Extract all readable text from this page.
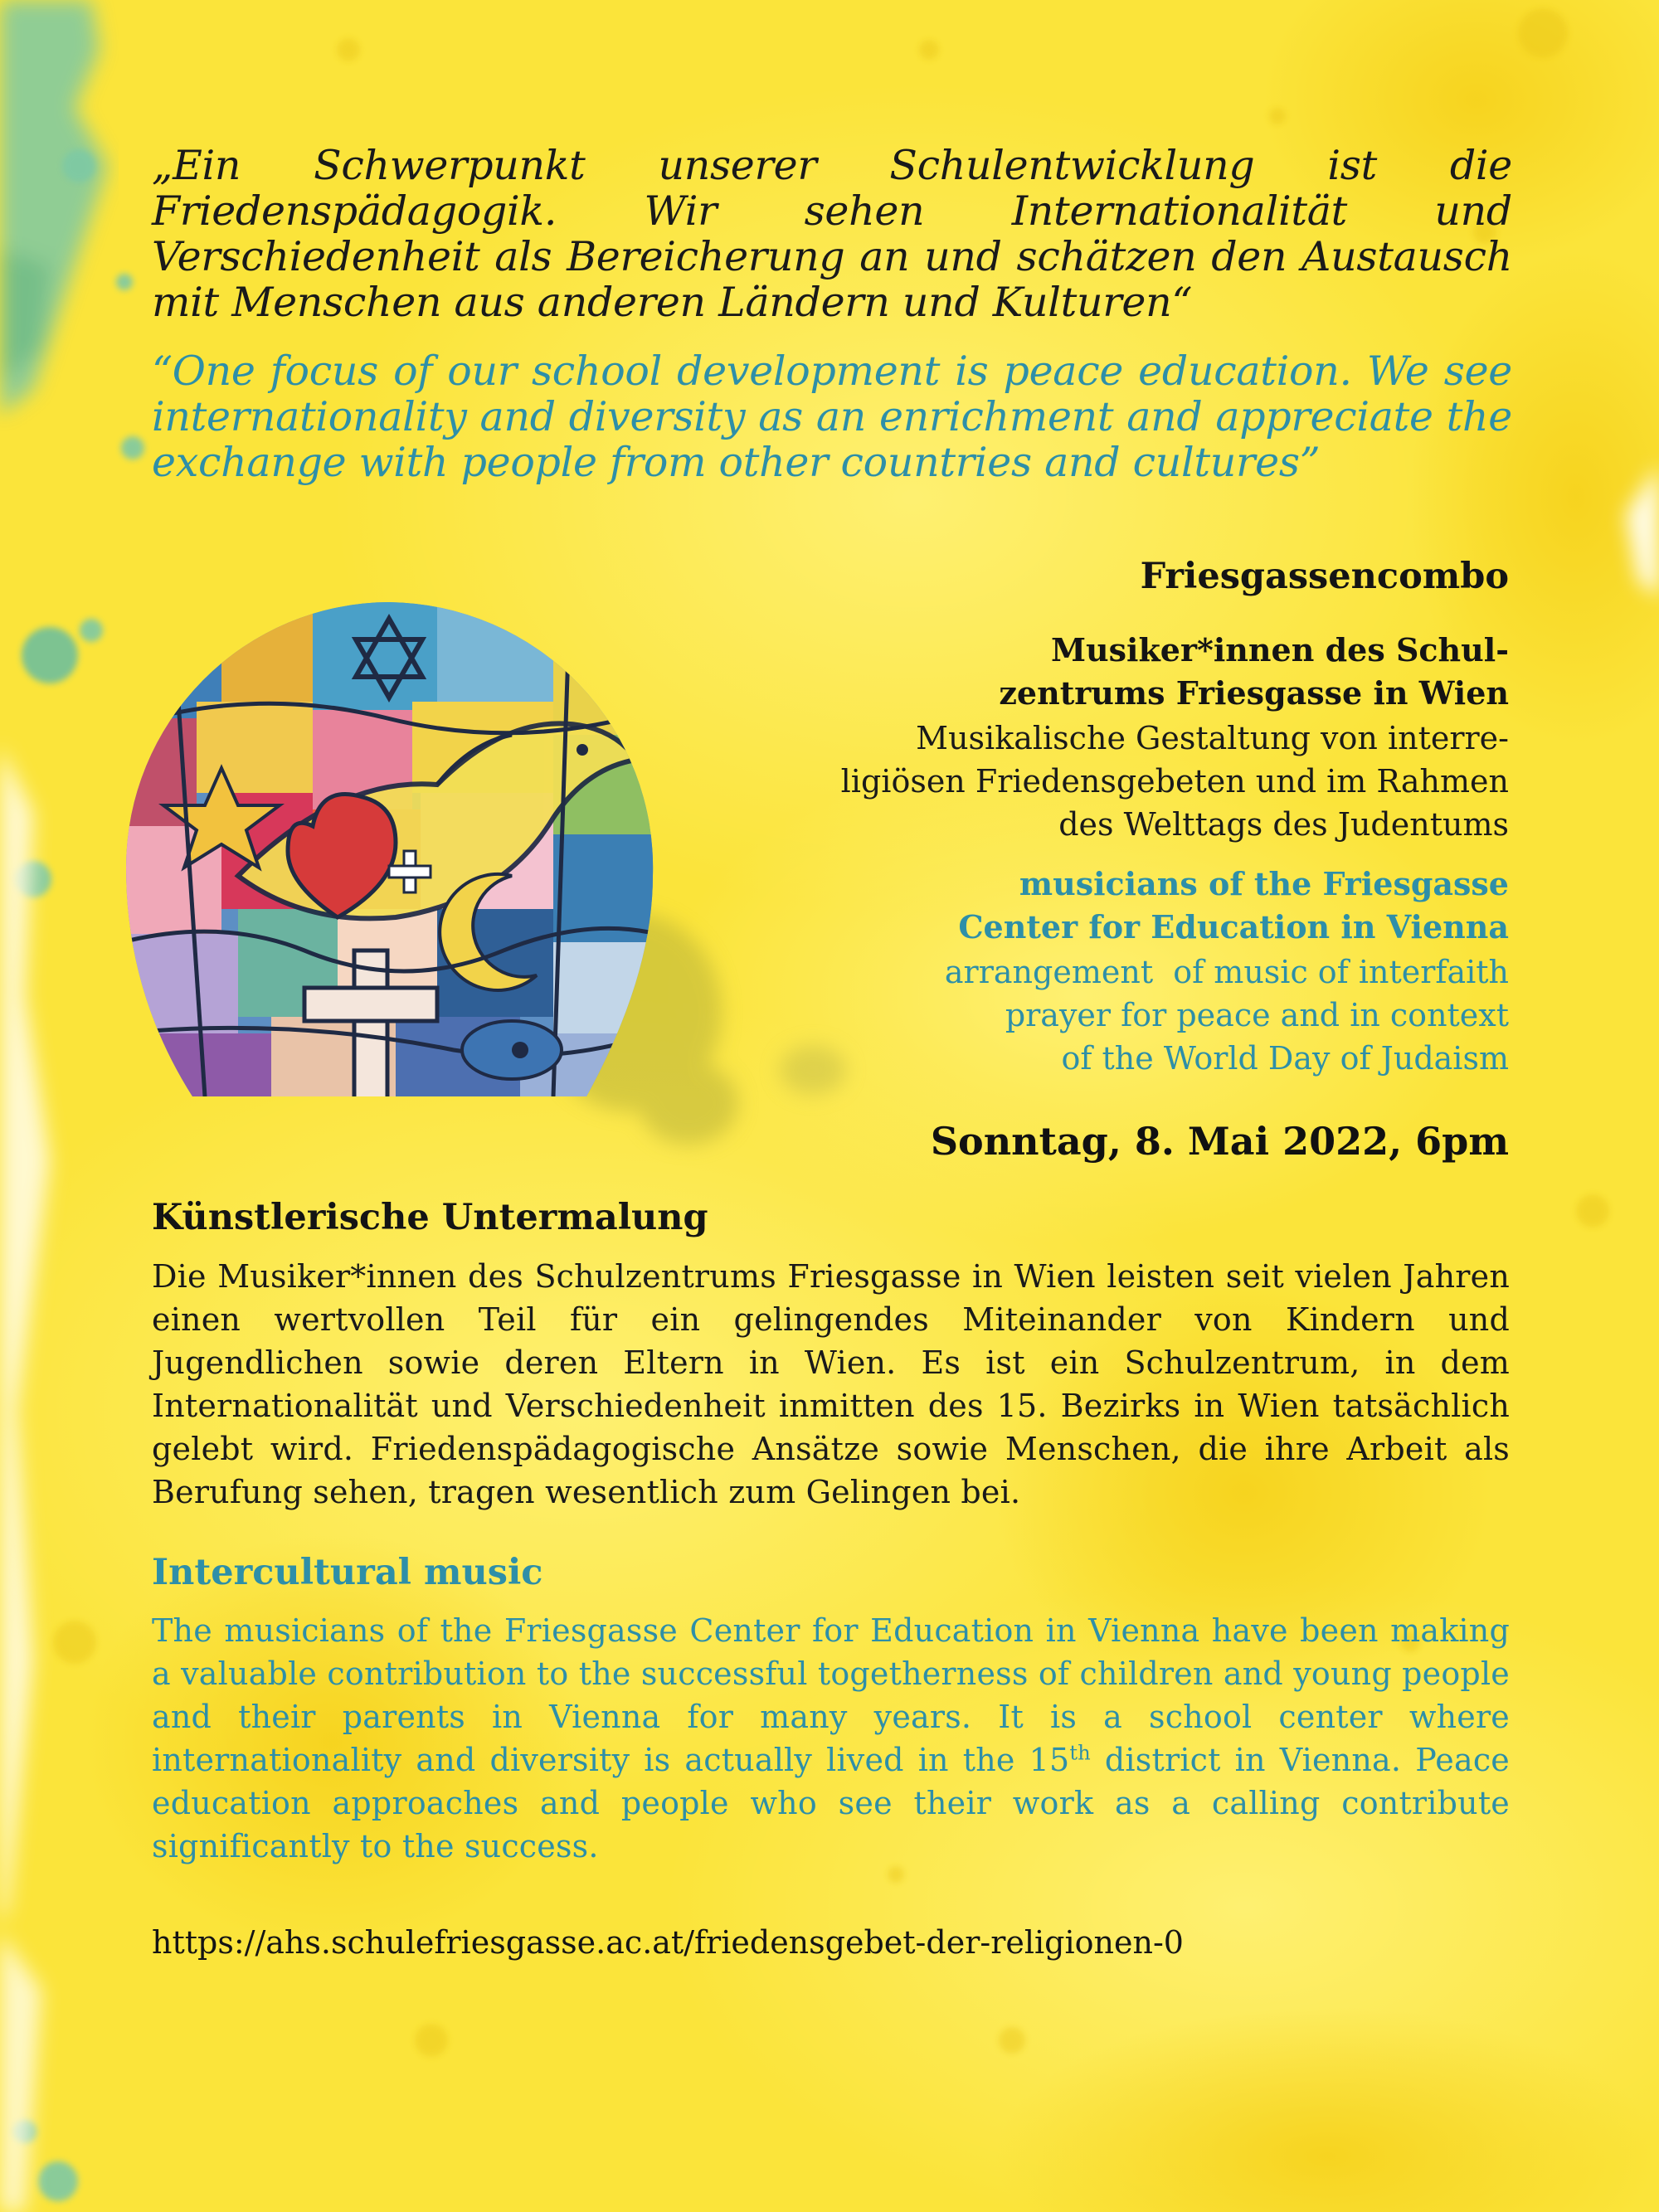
„Ein Schwerpunkt unserer Schulentwicklung ist die Friedenspädagogik. Wir sehen Internationalität und Verschiedenheit als Bereicherung an und schätzen den Austausch mit Menschen aus anderen Ländern und Kulturen“
“One focus of our school development is peace education. We see internationality and diversity as an enrichment and appreciate the exchange with people from other countries and cultures”
Friesgassencombo
Musiker*innen des Schul-
zentrums Friesgasse in Wien
Musikalische Gestaltung von interre-
ligiösen Friedensgebeten und im Rahmen
des Welttags des Judentums
musicians of the Friesgasse
Center for Education in Vienna
arrangement  of music of interfaith
prayer for peace and in context
of the World Day of Judaism
Sonntag, 8. Mai 2022, 6pm
Künstlerische Untermalung
Die Musiker*innen des Schulzentrums Friesgasse in Wien leisten seit vielen Jahren einen wertvollen Teil für ein gelingendes Miteinander von Kindern und Jugendlichen sowie deren Eltern in Wien. Es ist ein Schulzentrum, in dem Internationalität und Verschiedenheit inmitten des 15. Bezirks in Wien tatsächlich gelebt wird. Friedenspädagogische Ansätze sowie Menschen, die ihre Arbeit als Berufung sehen, tragen wesentlich zum Gelingen bei.
Intercultural music
The musicians of the Friesgasse Center for Education in Vienna have been making a valuable contribution to the successful togetherness of children and young people and their parents in Vienna for many years. It is a school center where internationality and diversity is actually lived in the 15th district in Vienna. Peace education approaches and people who see their work as a calling contribute significantly to the success.
https://ahs.schulefriesgasse.ac.at/friedensgebet-der-religionen-0
